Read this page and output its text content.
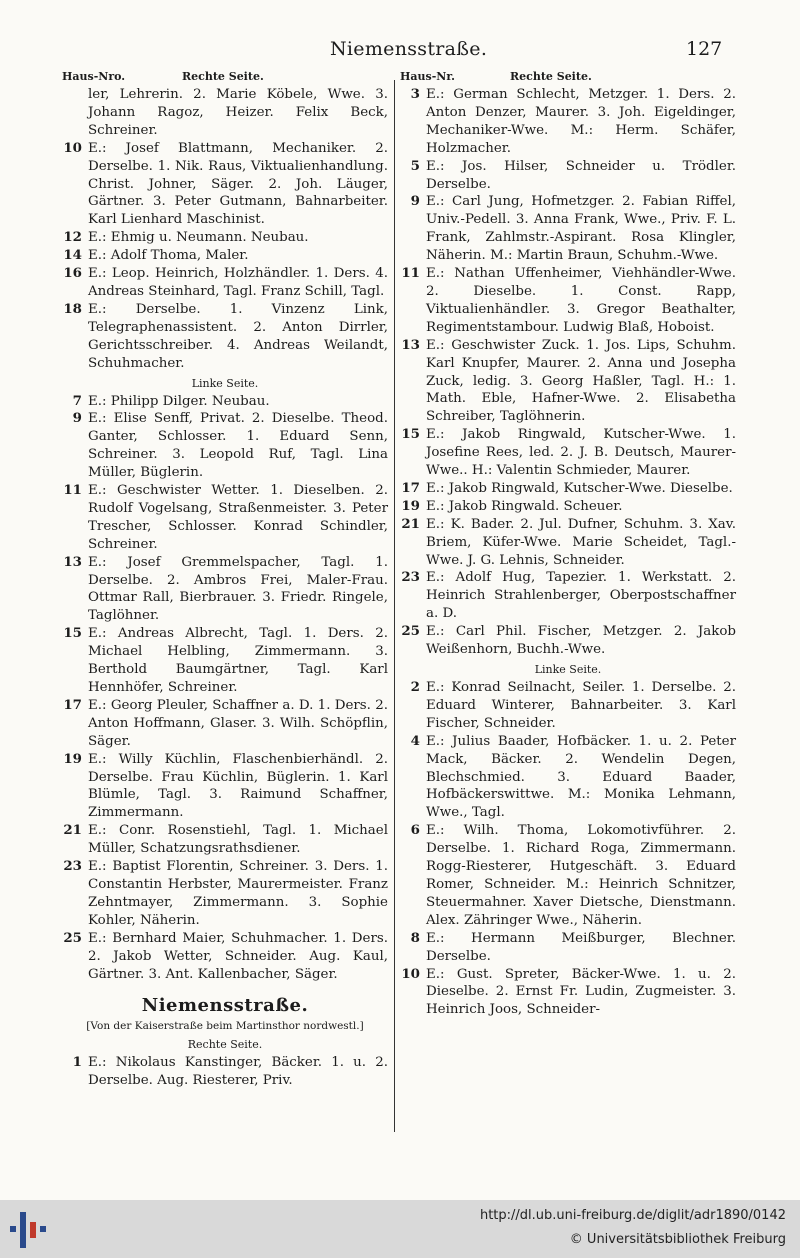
Niemensstraße.	127
Haus-Nro.	Rechte Seite.
ler, Lehrerin. 2. Marie Köbele, Wwe. 3. Johann Ragoz, Heizer. Felix Beck, Schreiner.
10 E.: Josef Blattmann, Mechaniker. 2. Derselbe. 1. Nik. Raus, Viktualienhandlung. Christ. Johner, Säger. 2. Joh. Läuger, Gärtner. 3. Peter Gutmann, Bahnarbeiter. Karl Lienhard Maschinist.
12 E.: Ehmig u. Neumann. Neubau.
14 E.: Adolf Thoma, Maler.
16 E.: Leop. Heinrich, Holzhändler. 1. Ders. 4. Andreas Steinhard, Tagl. Franz Schill, Tagl.
18 E.: Derselbe. 1. Vinzenz Link, Telegraphenassistent. 2. Anton Dirrler, Gerichtsschreiber. 4. Andreas Weilandt, Schuhmacher.
Linke Seite.
7 E.: Philipp Dilger. Neubau.
9 E.: Elise Senff, Privat. 2. Dieselbe. Theod. Ganter, Schlosser. 1. Eduard Senn, Schreiner. 3. Leopold Ruf, Tagl. Lina Müller, Büglerin.
11 E.: Geschwister Wetter. 1. Dieselben. 2. Rudolf Vogelsang, Straßenmeister. 3. Peter Trescher, Schlosser. Konrad Schindler, Schreiner.
13 E.: Josef Gremmelspacher, Tagl. 1. Derselbe. 2. Ambros Frei, Maler-Frau. Ottmar Rall, Bierbrauer. 3. Friedr. Ringele, Taglöhner.
15 E.: Andreas Albrecht, Tagl. 1. Ders. 2. Michael Helbling, Zimmermann. 3. Berthold Baumgärtner, Tagl. Karl Hennhöfer, Schreiner.
17 E.: Georg Pleuler, Schaffner a. D. 1. Ders. 2. Anton Hoffmann, Glaser. 3. Wilh. Schöpflin, Säger.
19 E.: Willy Küchlin, Flaschenbierhändl. 2. Derselbe. Frau Küchlin, Büglerin. 1. Karl Blümle, Tagl. 3. Raimund Schaffner, Zimmermann.
21 E.: Conr. Rosenstiehl, Tagl. 1. Michael Müller, Schatzungsrathsdiener.
23 E.: Baptist Florentin, Schreiner. 3. Ders. 1. Constantin Herbster, Maurermeister. Franz Zehntmayer, Zimmermann. 3. Sophie Kohler, Näherin.
25 E.: Bernhard Maier, Schuhmacher. 1. Ders. 2. Jakob Wetter, Schneider. Aug. Kaul, Gärtner. 3. Ant. Kallenbacher, Säger.
Niemensstraße.
[Von der Kaiserstraße beim Martinsthor nordwestl.]
Rechte Seite.
1 E.: Nikolaus Kanstinger, Bäcker. 1. u. 2. Derselbe. Aug. Riesterer, Priv.
Haus-Nr.	Rechte Seite.
3 E.: German Schlecht, Metzger. 1. Ders. 2. Anton Denzer, Maurer. 3. Joh. Eigeldinger, Mechaniker-Wwe. M.: Herm. Schäfer, Holzmacher.
5 E.: Jos. Hilser, Schneider u. Trödler. Derselbe.
9 E.: Carl Jung, Hofmetzger. 2. Fabian Riffel, Univ.-Pedell. 3. Anna Frank, Wwe., Priv. F. L. Frank, Zahlmstr.-Aspirant. Rosa Klingler, Näherin. M.: Martin Braun, Schuhm.-Wwe.
11 E.: Nathan Uffenheimer, Viehhändler-Wwe. 2. Dieselbe. 1. Const. Rapp, Viktualienhändler. 3. Gregor Beathalter, Regimentstambour. Ludwig Blaß, Hoboist.
13 E.: Geschwister Zuck. 1. Jos. Lips, Schuhm. Karl Knupfer, Maurer. 2. Anna und Josepha Zuck, ledig. 3. Georg Haßler, Tagl. H.: 1. Math. Eble, Hafner-Wwe. 2. Elisabetha Schreiber, Taglöhnerin.
15 E.: Jakob Ringwald, Kutscher-Wwe. 1. Josefine Rees, led. 2. J. B. Deutsch, Maurer-Wwe.. H.: Valentin Schmieder, Maurer.
17 E.: Jakob Ringwald, Kutscher-Wwe. Dieselbe.
19 E.: Jakob Ringwald. Scheuer.
21 E.: K. Bader. 2. Jul. Dufner, Schuhm. 3. Xav. Briem, Küfer-Wwe. Marie Scheidet, Tagl.-Wwe. J. G. Lehnis, Schneider.
23 E.: Adolf Hug, Tapezier. 1. Werkstatt. 2. Heinrich Strahlenberger, Oberpostschaffner a. D.
25 E.: Carl Phil. Fischer, Metzger. 2. Jakob Weißenhorn, Buchh.-Wwe.
Linke Seite.
2 E.: Konrad Seilnacht, Seiler. 1. Derselbe. 2. Eduard Winterer, Bahnarbeiter. 3. Karl Fischer, Schneider.
4 E.: Julius Baader, Hofbäcker. 1. u. 2. Peter Mack, Bäcker. 2. Wendelin Degen, Blechschmied. 3. Eduard Baader, Hofbäckerswittwe. M.: Monika Lehmann, Wwe., Tagl.
6 E.: Wilh. Thoma, Lokomotivführer. 2. Derselbe. 1. Richard Roga, Zimmermann. Rogg-Riesterer, Hutgeschäft. 3. Eduard Romer, Schneider. M.: Heinrich Schnitzer, Steuermahner. Xaver Dietsche, Dienstmann. Alex. Zähringer Wwe., Näherin.
8 E.: Hermann Meißburger, Blechner. Derselbe.
10 E.: Gust. Spreter, Bäcker-Wwe. 1. u. 2. Dieselbe. 2. Ernst Fr. Ludin, Zugmeister. 3. Heinrich Joos, Schneider-
http://dl.ub.uni-freiburg.de/diglit/adr1890/0142
© Universitätsbibliothek Freiburg
